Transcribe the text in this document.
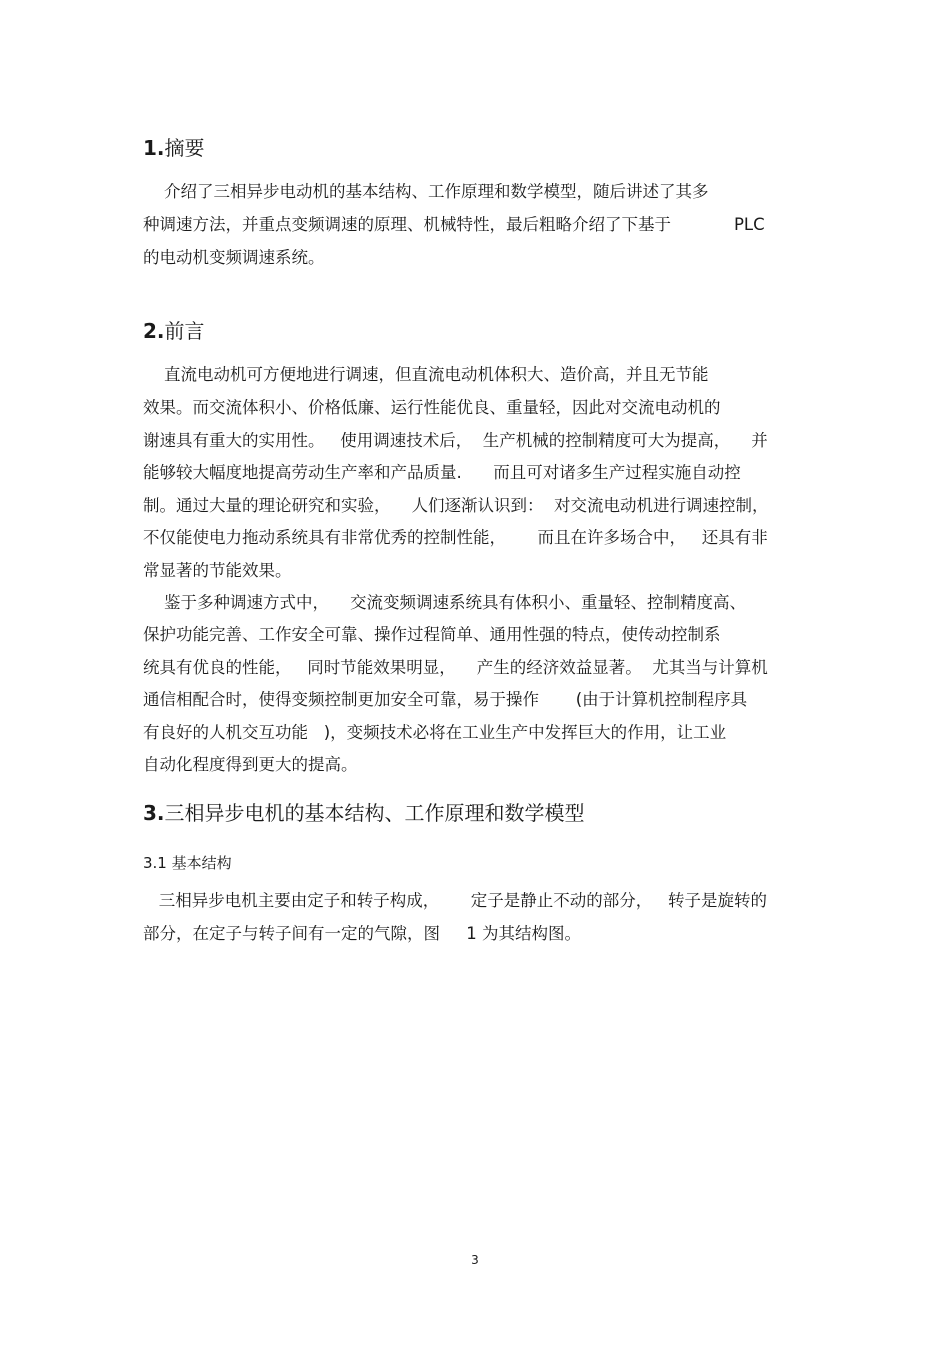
1.摘要
介绍了三相异步电动机的基本结构、工作原理和数学模型，随后讲述了其多
种调速方法，并重点变频调速的原理、机械特性，最后粗略介绍了下基于            PLC
的电动机变频调速系统。
2.前言
直流电动机可方便地进行调速，但直流电动机体积大、造价高，并且无节能
效果。而交流体积小、价格低廉、运行性能优良、重量轻，因此对交流电动机的
谢速具有重大的实用性。   使用调速技术后，  生产机械的控制精度可大为提高，    并
能够较大幅度地提高劳动生产率和产品质量.      而且可对诸多生产过程实施自动控
制。通过大量的理论研究和实验，    人们逐渐认识到：  对交流电动机进行调速控制，
不仅能使电力拖动系统具有非常优秀的控制性能，      而且在许多场合中，   还具有非
常显著的节能效果。
鉴于多种调速方式中，    交流变频调速系统具有体积小、重量轻、控制精度高、
保护功能完善、工作安全可靠、操作过程简单、通用性强的特点，使传动控制系
统具有优良的性能，   同时节能效果明显，    产生的经济效益显著。  尤其当与计算机
通信相配合时，使得变频控制更加安全可靠，易于操作       (由于计算机控制程序具
有良好的人机交互功能   )，变频技术必将在工业生产中发挥巨大的作用，让工业
自动化程度得到更大的提高。
3.三相异步电机的基本结构、工作原理和数学模型
3.1 基本结构
三相异步电机主要由定子和转子构成，      定子是静止不动的部分，   转子是旋转的
部分，在定子与转子间有一定的气隙，图     1 为其结构图。
3
